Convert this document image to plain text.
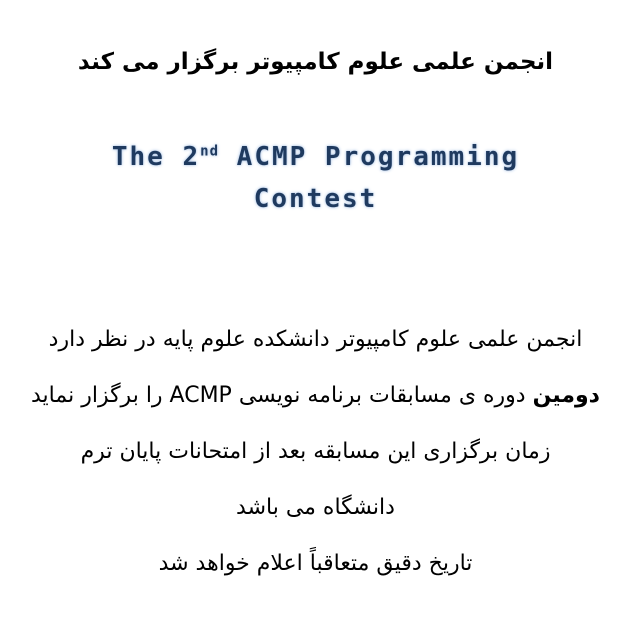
انجمن علمی علوم کامپیوتر برگزار می کند

The 2nd ACMP Programming
Contest

انجمن علمی علوم کامپیوتر دانشکده علوم پایه در نظر دارد

دومین دوره ی مسابقات برنامه نویسی ACMP را برگزار نماید

زمان برگزاری این مسابقه بعد از امتحانات پایان ترم

دانشگاه می باشد

تاریخ دقیق متعاقباً اعلام خواهد شد
